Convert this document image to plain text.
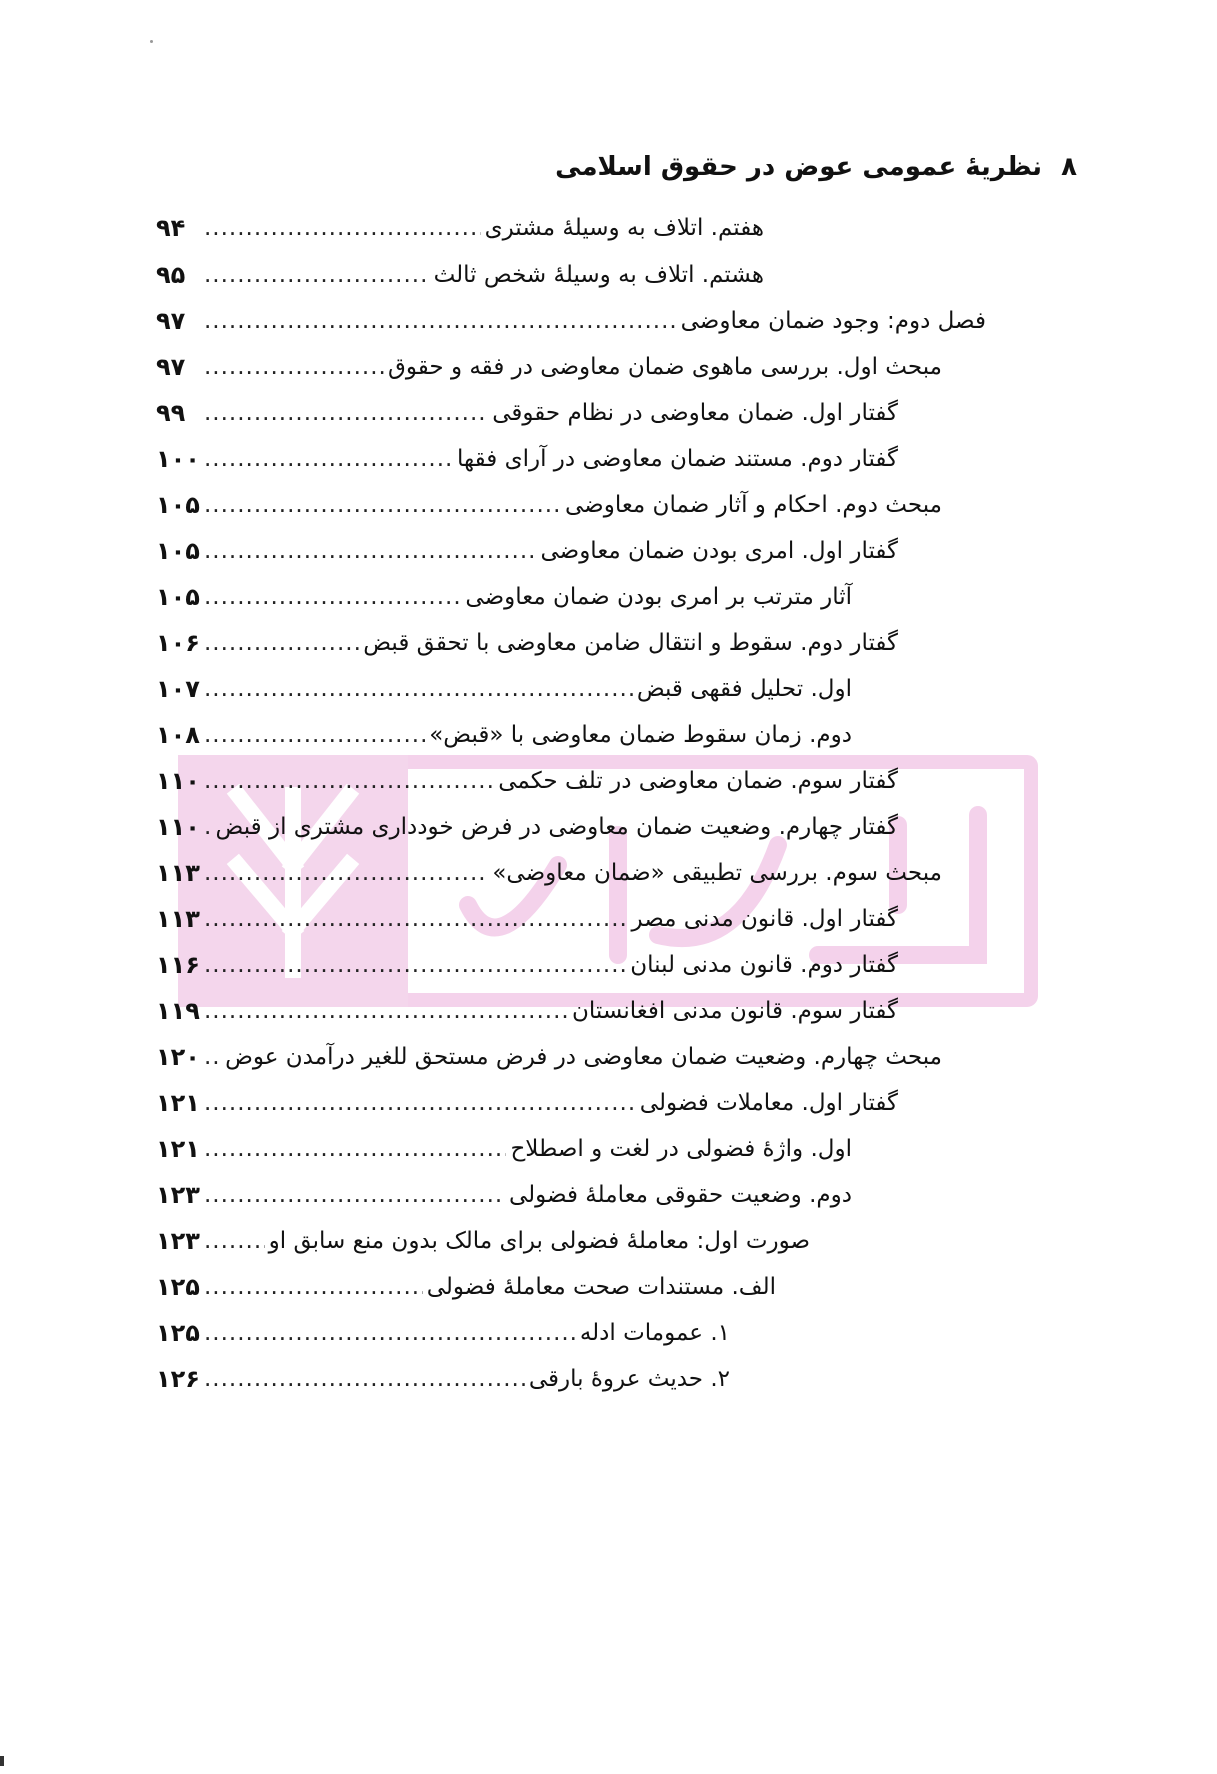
۸ نظریهٔ عمومی عوض در حقوق اسلامی
هفتم. اتلاف به وسیلهٔ مشتری
.....
۹۴
هشتم. اتلاف به وسیلهٔ شخص ثالث
.....
۹۵
فصل دوم: وجود ضمان معاوضی
.....
۹۷
مبحث اول. بررسی ماهوی ضمان معاوضی در فقه و حقوق
.....
۹۷
گفتار اول. ضمان معاوضی در نظام حقوقی
.....
۹۹
گفتار دوم. مستند ضمان معاوضی در آرای فقها
.....
۱۰۰
مبحث دوم. احکام و آثار ضمان معاوضی
.....
۱۰۵
گفتار اول. امری بودن ضمان معاوضی
.....
۱۰۵
آثار مترتب بر امری بودن ضمان معاوضی
.....
۱۰۵
گفتار دوم. سقوط و انتقال ضامن معاوضی با تحقق قبض
.....
۱۰۶
اول. تحلیل فقهی قبض
.....
۱۰۷
دوم. زمان سقوط ضمان معاوضی با «قبض»
.....
۱۰۸
گفتار سوم. ضمان معاوضی در تلف حکمی
.....
۱۱۰
گفتار چهارم. وضعیت ضمان معاوضی در فرض خودداری مشتری از قبض
.....
۱۱۰
مبحث سوم. بررسی تطبیقی «ضمان معاوضی»
.....
۱۱۳
گفتار اول. قانون مدنی مصر
.....
۱۱۳
گفتار دوم. قانون مدنی لبنان
.....
۱۱۶
گفتار سوم. قانون مدنی افغانستان
.....
۱۱۹
مبحث چهارم. وضعیت ضمان معاوضی در فرض مستحق للغیر درآمدن عوض
.....
۱۲۰
گفتار اول. معاملات فضولی
.....
۱۲۱
اول. واژهٔ فضولی در لغت و اصطلاح
.....
۱۲۱
دوم. وضعیت حقوقی معاملهٔ فضولی
.....
۱۲۳
صورت اول: معاملهٔ فضولی برای مالک بدون منع سابق او
.....
۱۲۳
الف. مستندات صحت معاملهٔ فضولی
.....
۱۲۵
۱. عمومات ادله
.....
۱۲۵
۲. حدیث عروهٔ بارقی
.....
۱۲۶
